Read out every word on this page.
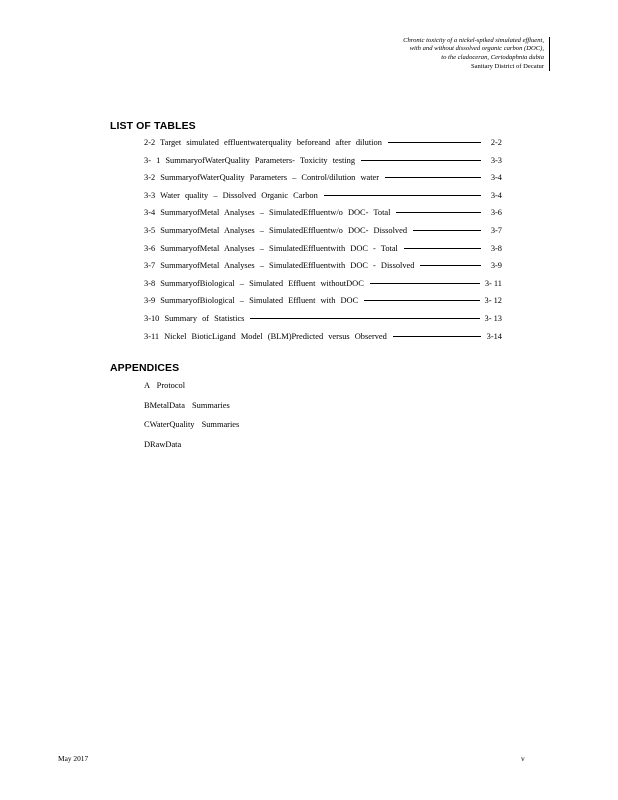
Chronic toxicity of a nickel-spiked simulated effluent,
with and without dissolved organic carbon (DOC),
to the cladoceran, Ceriodaphnia dubia
Sanitary District of Decatur
LIST OF TABLES
2-2 Target simulated effluentwaterquality beforeand after dilution	2-2
3- 1 SummaryofWaterQuality Parameters- Toxicity testing	3-3
3-2 SummaryofWaterQuality Parameters – Control/dilution water	3-4
3-3 Water quality – Dissolved Organic Carbon	3-4
3-4 SummaryofMetal Analyses – SimulatedEffluentw/o DOC- Total	3-6
3-5 SummaryofMetal Analyses – SimulatedEffluentw/o DOC- Dissolved	3-7
3-6 SummaryofMetal Analyses – SimulatedEffluentwith DOC - Total	3-8
3-7 SummaryofMetal Analyses – SimulatedEffluentwith DOC - Dissolved	3-9
3-8 SummaryofBiological – Simulated Effluent withoutDOC	3- 11
3-9 SummaryofBiological – Simulated Effluent with DOC	3- 12
3-10 Summary of Statistics	3- 13
3-11 Nickel BioticLigand Model (BLM)Predicted versus Observed	3-14
APPENDICES
A Protocol
BMetalData Summaries
CWaterQuality Summaries
DRawData
May 2017	v
